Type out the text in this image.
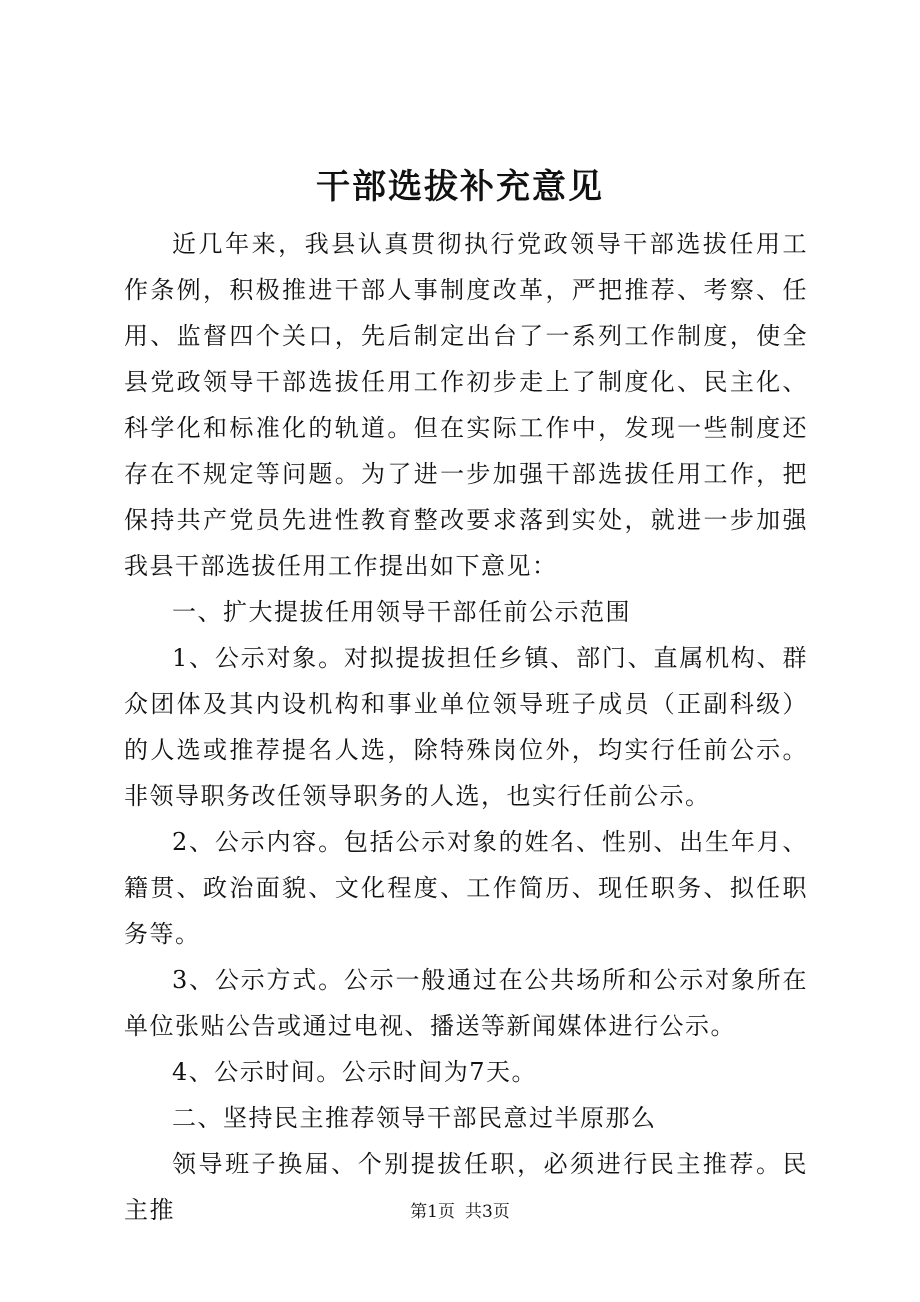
干部选拔补充意见

近几年来，我县认真贯彻执行党政领导干部选拔任用工作条例，积极推进干部人事制度改革，严把推荐、考察、任用、监督四个关口，先后制定出台了一系列工作制度，使全县党政领导干部选拔任用工作初步走上了制度化、民主化、科学化和标准化的轨道。但在实际工作中，发现一些制度还存在不规定等问题。为了进一步加强干部选拔任用工作，把保持共产党员先进性教育整改要求落到实处，就进一步加强我县干部选拔任用工作提出如下意见：

一、扩大提拔任用领导干部任前公示范围

1、公示对象。对拟提拔担任乡镇、部门、直属机构、群众团体及其内设机构和事业单位领导班子成员（正副科级）的人选或推荐提名人选，除特殊岗位外，均实行任前公示。非领导职务改任领导职务的人选，也实行任前公示。

2、公示内容。包括公示对象的姓名、性别、出生年月、籍贯、政治面貌、文化程度、工作简历、现任职务、拟任职务等。

3、公示方式。公示一般通过在公共场所和公示对象所在单位张贴公告或通过电视、播送等新闻媒体进行公示。

4、公示时间。公示时间为7天。

二、坚持民主推荐领导干部民意过半原那么

领导班子换届、个别提拔任职，必须进行民主推荐。民主推	第1页 共3页
